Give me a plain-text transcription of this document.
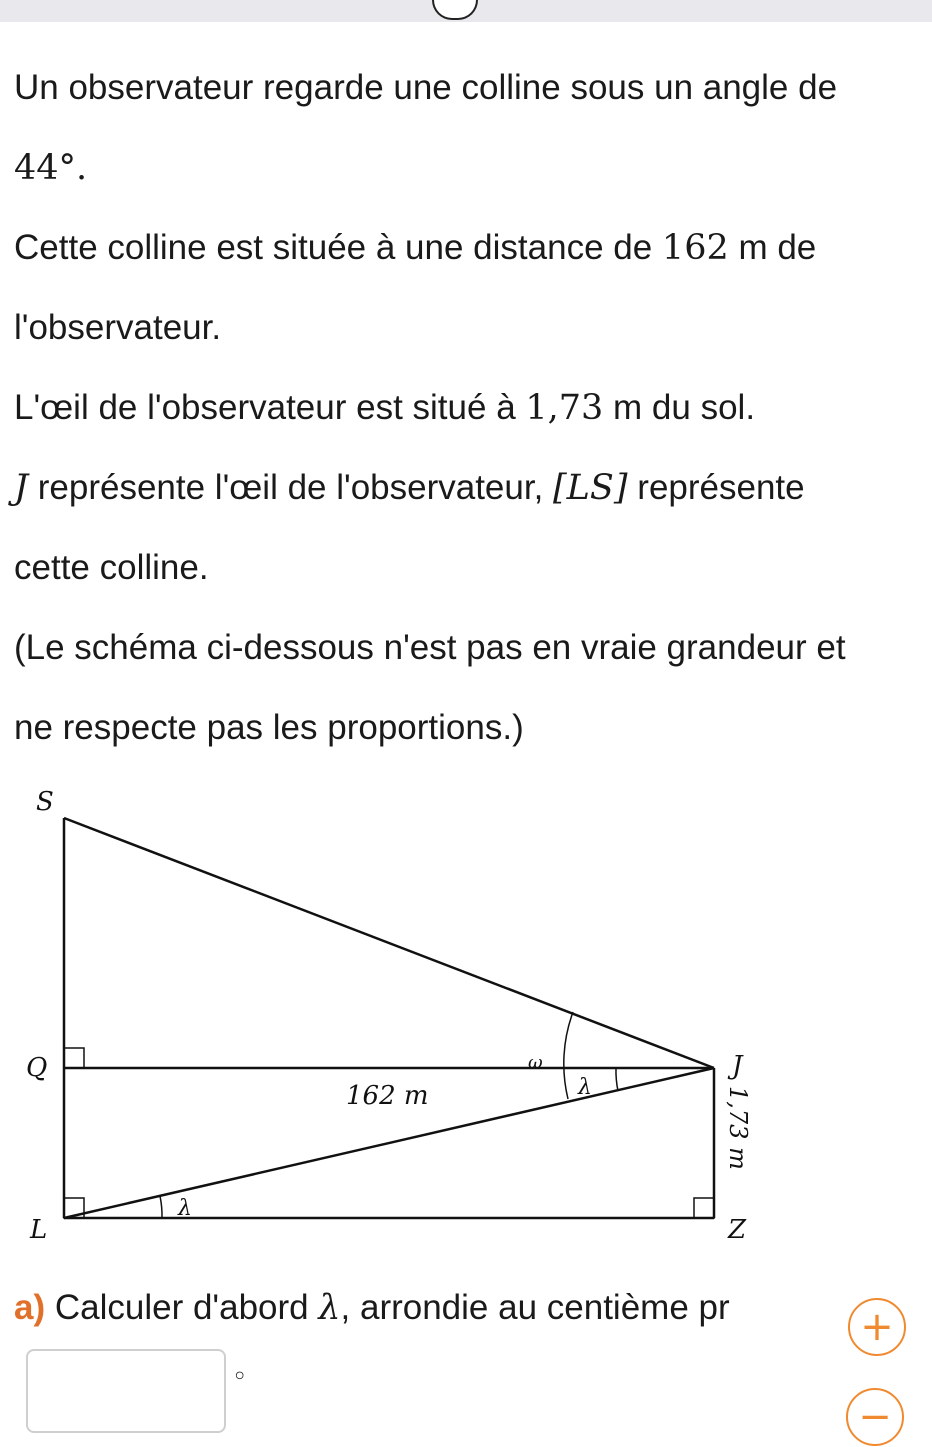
Un observateur regarde une colline sous un angle de
44°.
Cette colline est située à une distance de 162 m de
l'observateur.
L'œil de l'observateur est situé à 1,73 m du sol.
J représente l'œil de l'observateur, [LS] représente
cette colline.
(Le schéma ci-dessous n'est pas en vraie grandeur et
ne respecte pas les proportions.)
S
Q
L
J
Z
162 m	1,73 m
ω
λ
λ
a) Calculer d'abord λ, arrondie au centième pr
◦
+
−
